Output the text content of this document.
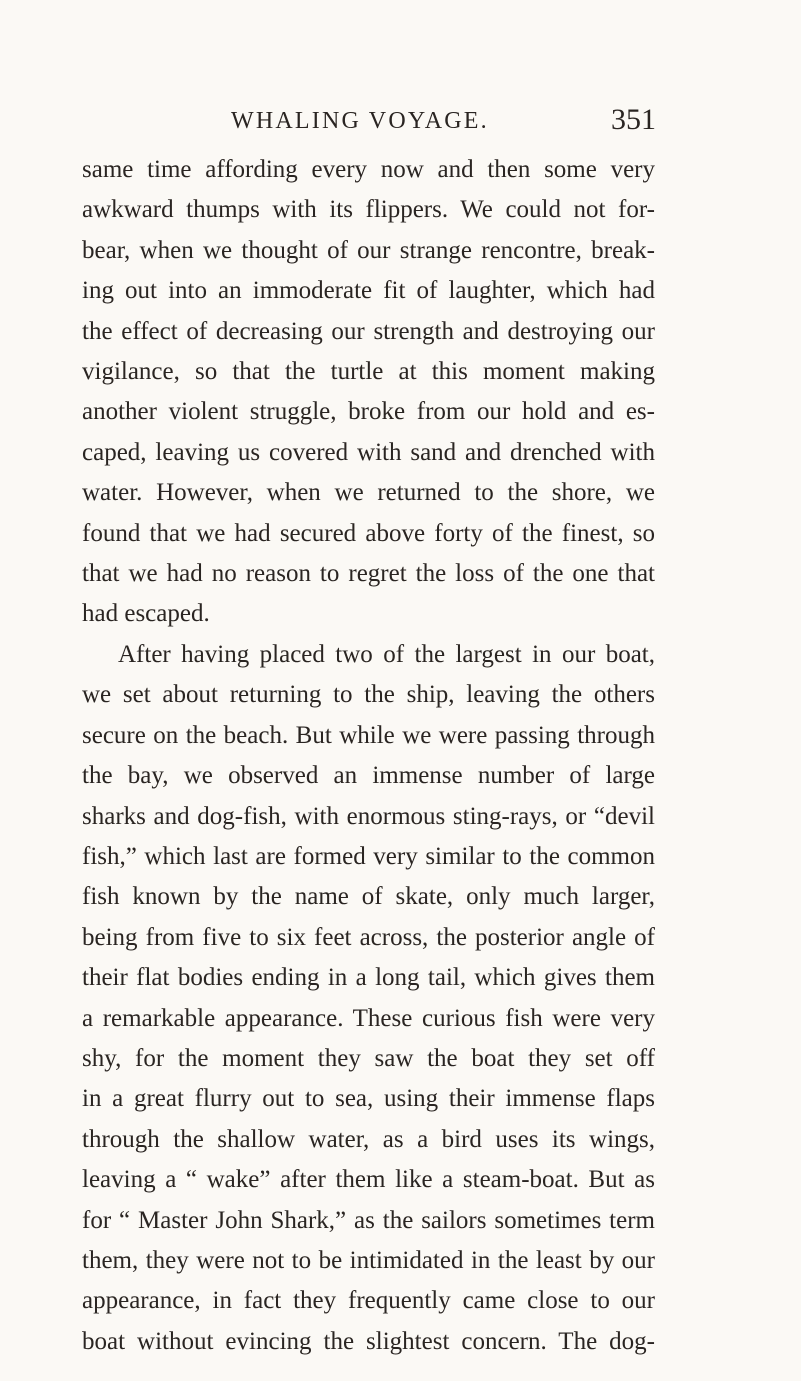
WHALING VOYAGE.	351
same time affording every now and then some very
awkward thumps with its flippers. We could not for-
bear, when we thought of our strange rencontre, break-
ing out into an immoderate fit of laughter, which had
the effect of decreasing our strength and destroying our
vigilance, so that the turtle at this moment making
another violent struggle, broke from our hold and es-
caped, leaving us covered with sand and drenched with
water. However, when we returned to the shore, we
found that we had secured above forty of the finest, so
that we had no reason to regret the loss of the one that
had escaped.
After having placed two of the largest in our boat,
we set about returning to the ship, leaving the others
secure on the beach. But while we were passing through
the bay, we observed an immense number of large
sharks and dog-fish, with enormous sting-rays, or “devil
fish,” which last are formed very similar to the common
fish known by the name of skate, only much larger,
being from five to six feet across, the posterior angle of
their flat bodies ending in a long tail, which gives them
a remarkable appearance. These curious fish were very
shy, for the moment they saw the boat they set off
in a great flurry out to sea, using their immense flaps
through the shallow water, as a bird uses its wings,
leaving a “ wake” after them like a steam-boat. But as
for “ Master John Shark,” as the sailors sometimes term
them, they were not to be intimidated in the least by our
appearance, in fact they frequently came close to our
boat without evincing the slightest concern. The dog-
